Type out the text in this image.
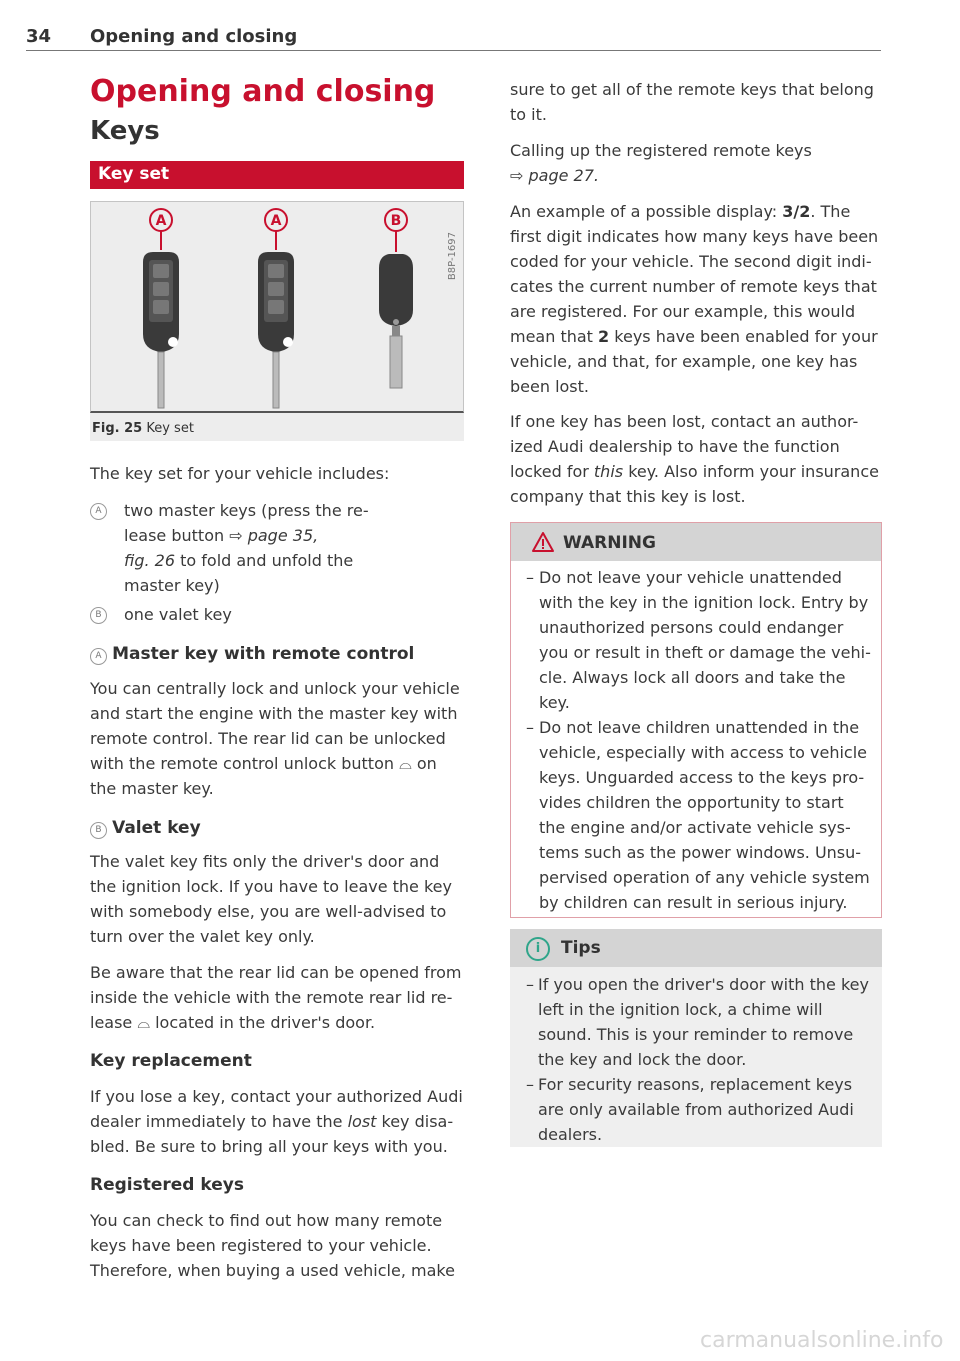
34 Opening and closing
Opening and closing
Keys
Key set
A	A	B
B8P-1697
Fig. 25 Key set

The key set for your vehicle includes:

A	two master keys (press the re-
lease button ⇨ page 35,
fig. 26 to fold and unfold the
master key)
B	one valet key
A Master key with remote control
You can centrally lock and unlock your vehicle
and start the engine with the master key with
remote control. The rear lid can be unlocked
with the remote control unlock button ⌓ on
the master key.
B Valet key
The valet key fits only the driver's door and
the ignition lock. If you have to leave the key
with somebody else, you are well-advised to
turn over the valet key only.
Be aware that the rear lid can be opened from
inside the vehicle with the remote rear lid re-
lease ⌓ located in the driver's door.
Key replacement
If you lose a key, contact your authorized Audi
dealer immediately to have the lost key disa-
bled. Be sure to bring all your keys with you.
Registered keys
You can check to find out how many remote
keys have been registered to your vehicle.
Therefore, when buying a used vehicle, make
sure to get all of the remote keys that belong
to it.
Calling up the registered remote keys
⇨ page 27.
An example of a possible display: 3/2. The
first digit indicates how many keys have been
coded for your vehicle. The second digit indi-
cates the current number of remote keys that
are registered. For our example, this would
mean that 2 keys have been enabled for your
vehicle, and that, for example, one key has
been lost.
If one key has been lost, contact an author-
ized Audi dealership to have the function
locked for this key. Also inform your insurance
company that this key is lost.
WARNING
– Do not leave your vehicle unattended
with the key in the ignition lock. Entry by
unauthorized persons could endanger
you or result in theft or damage the vehi-
cle. Always lock all doors and take the
key.
– Do not leave children unattended in the
vehicle, especially with access to vehicle
keys. Unguarded access to the keys pro-
vides children the opportunity to start
the engine and/or activate vehicle sys-
tems such as the power windows. Unsu-
pervised operation of any vehicle system
by children can result in serious injury.
i	Tips
– If you open the driver's door with the key
left in the ignition lock, a chime will
sound. This is your reminder to remove
the key and lock the door.
– For security reasons, replacement keys
are only available from authorized Audi
dealers.
carmanualsonline.info
